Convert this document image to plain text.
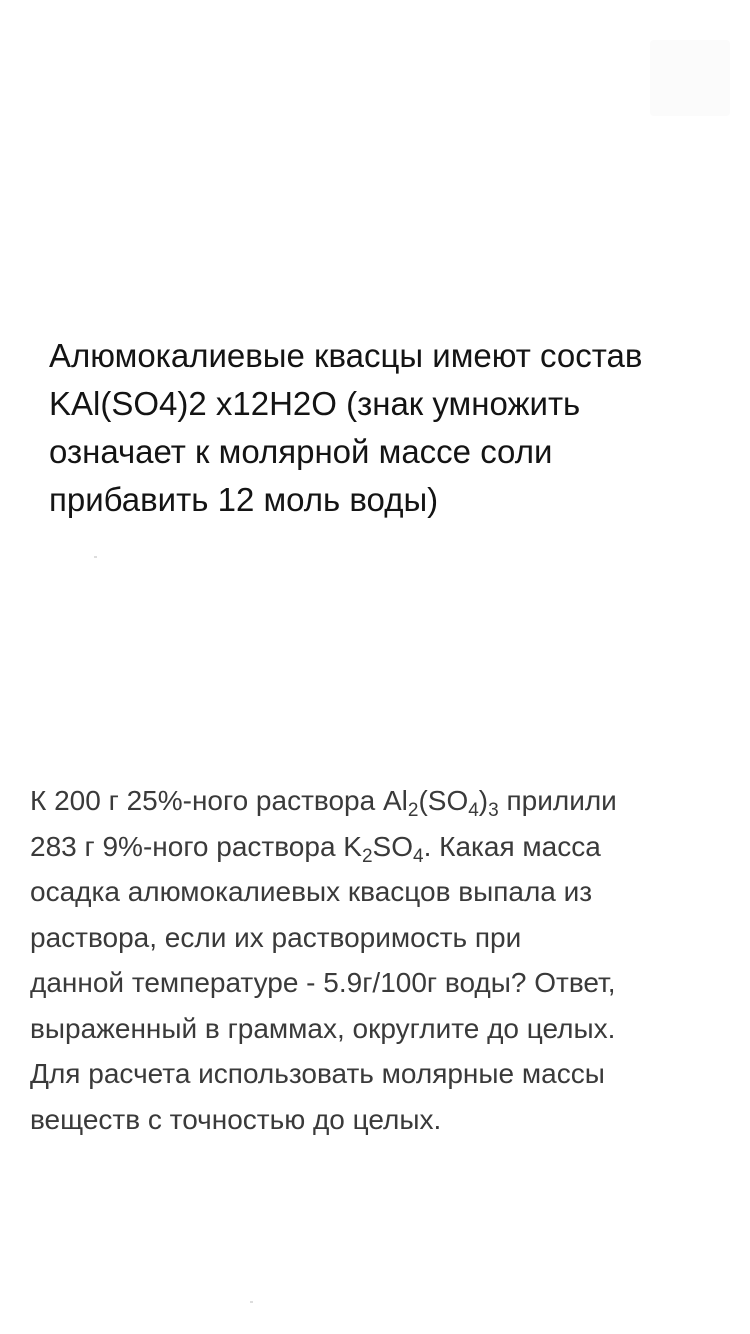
Алюмокалиевые квасцы имеют состав
KAl(SO4)2 х12H2O (знак умножить
означает к молярной массе соли
прибавить 12 моль воды)

К 200 г 25%-ного раствора $Al_2(SO_4)_3$ прилили
283 г 9%-ного раствора $K_2SO_4$. Какая масса
осадка алюмокалиевых квасцов выпала из
раствора, если их растворимость при
данной температуре - 5.9г/100г воды? Ответ,
выраженный в граммах, округлите до целых.
Для расчета использовать молярные массы
веществ с точностью до целых.
